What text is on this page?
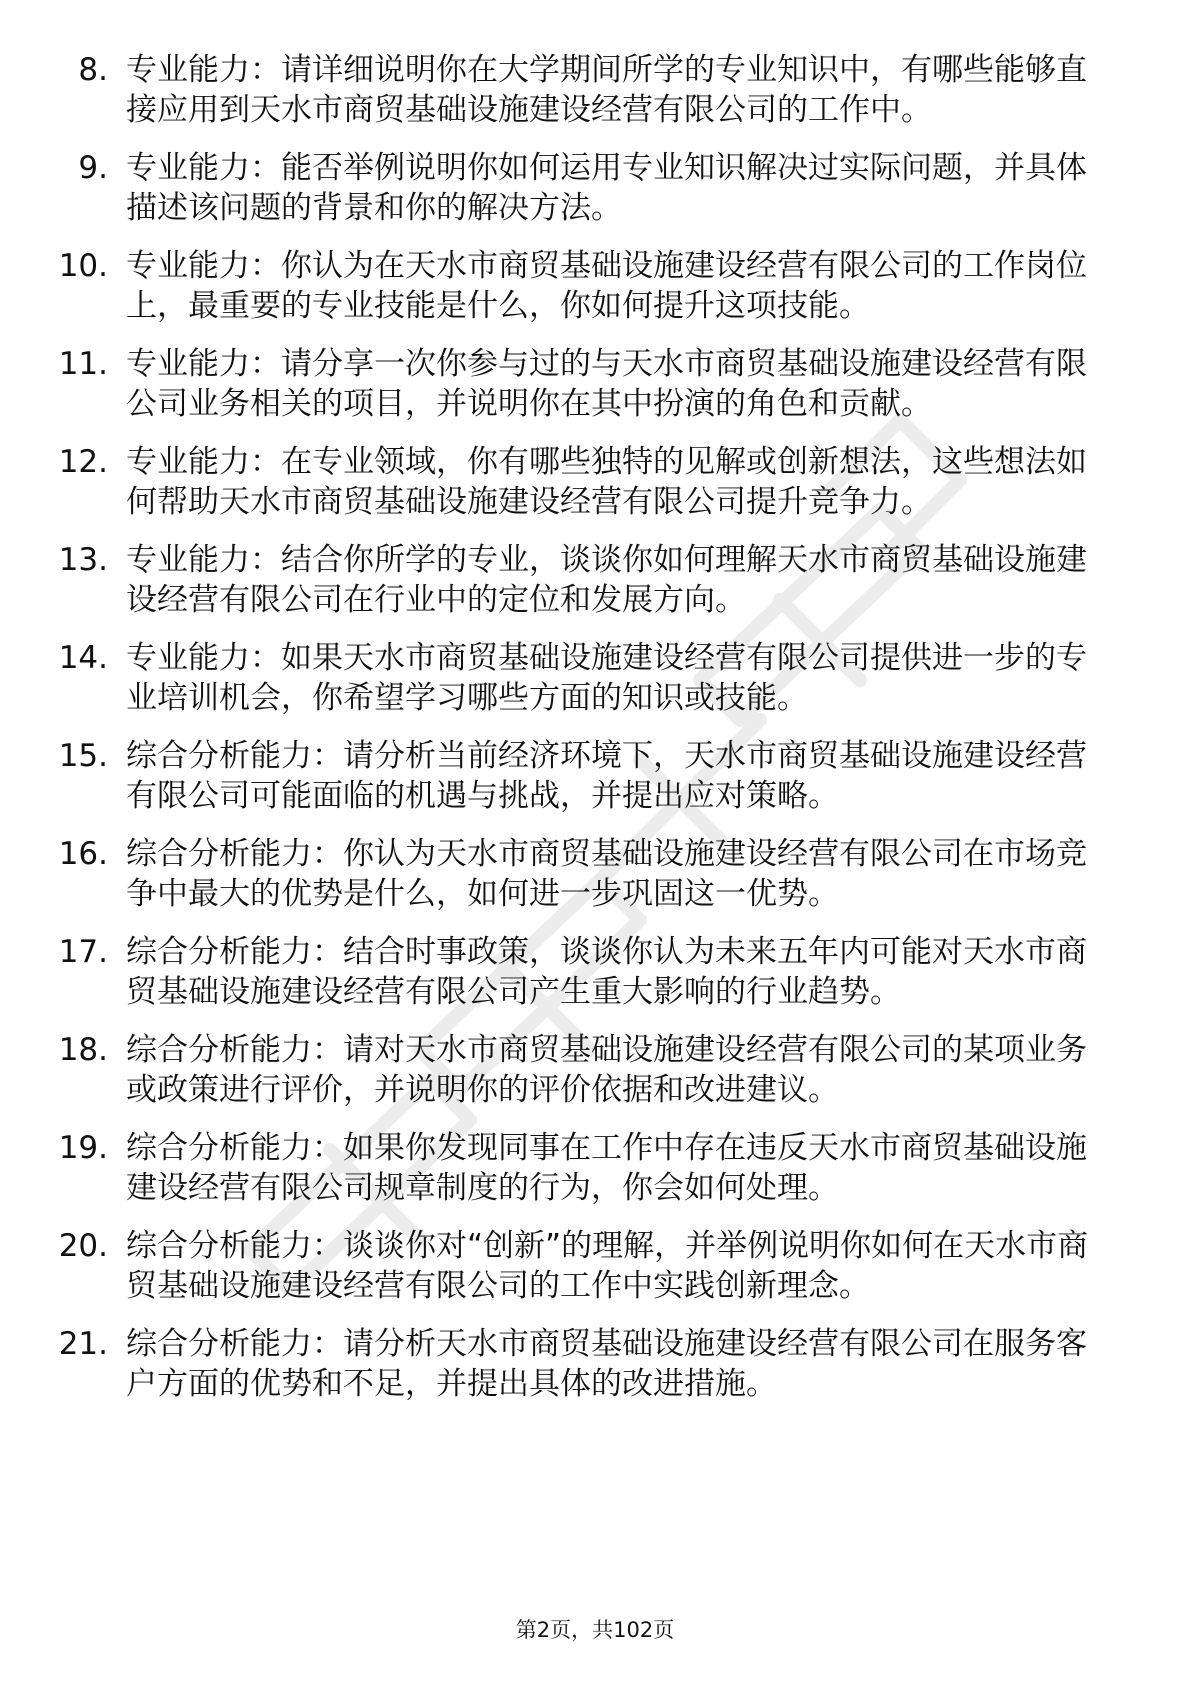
8. 专业能力：请详细说明你在大学期间所学的专业知识中，有哪些能够直接应用到天水市商贸基础设施建设经营有限公司的工作中。
9. 专业能力：能否举例说明你如何运用专业知识解决过实际问题，并具体描述该问题的背景和你的解决方法。
10. 专业能力：你认为在天水市商贸基础设施建设经营有限公司的工作岗位上，最重要的专业技能是什么，你如何提升这项技能。
11. 专业能力：请分享一次你参与过的与天水市商贸基础设施建设经营有限公司业务相关的项目，并说明你在其中扮演的角色和贡献。
12. 专业能力：在专业领域，你有哪些独特的见解或创新想法，这些想法如何帮助天水市商贸基础设施建设经营有限公司提升竞争力。
13. 专业能力：结合你所学的专业，谈谈你如何理解天水市商贸基础设施建设经营有限公司在行业中的定位和发展方向。
14. 专业能力：如果天水市商贸基础设施建设经营有限公司提供进一步的专业培训机会，你希望学习哪些方面的知识或技能。
15. 综合分析能力：请分析当前经济环境下，天水市商贸基础设施建设经营有限公司可能面临的机遇与挑战，并提出应对策略。
16. 综合分析能力：你认为天水市商贸基础设施建设经营有限公司在市场竞争中最大的优势是什么，如何进一步巩固这一优势。
17. 综合分析能力：结合时事政策，谈谈你认为未来五年内可能对天水市商贸基础设施建设经营有限公司产生重大影响的行业趋势。
18. 综合分析能力：请对天水市商贸基础设施建设经营有限公司的某项业务或政策进行评价，并说明你的评价依据和改进建议。
19. 综合分析能力：如果你发现同事在工作中存在违反天水市商贸基础设施建设经营有限公司规章制度的行为，你会如何处理。
20. 综合分析能力：谈谈你对“创新”的理解，并举例说明你如何在天水市商贸基础设施建设经营有限公司的工作中实践创新理念。
21. 综合分析能力：请分析天水市商贸基础设施建设经营有限公司在服务客户方面的优势和不足，并提出具体的改进措施。
第2页，共102页
